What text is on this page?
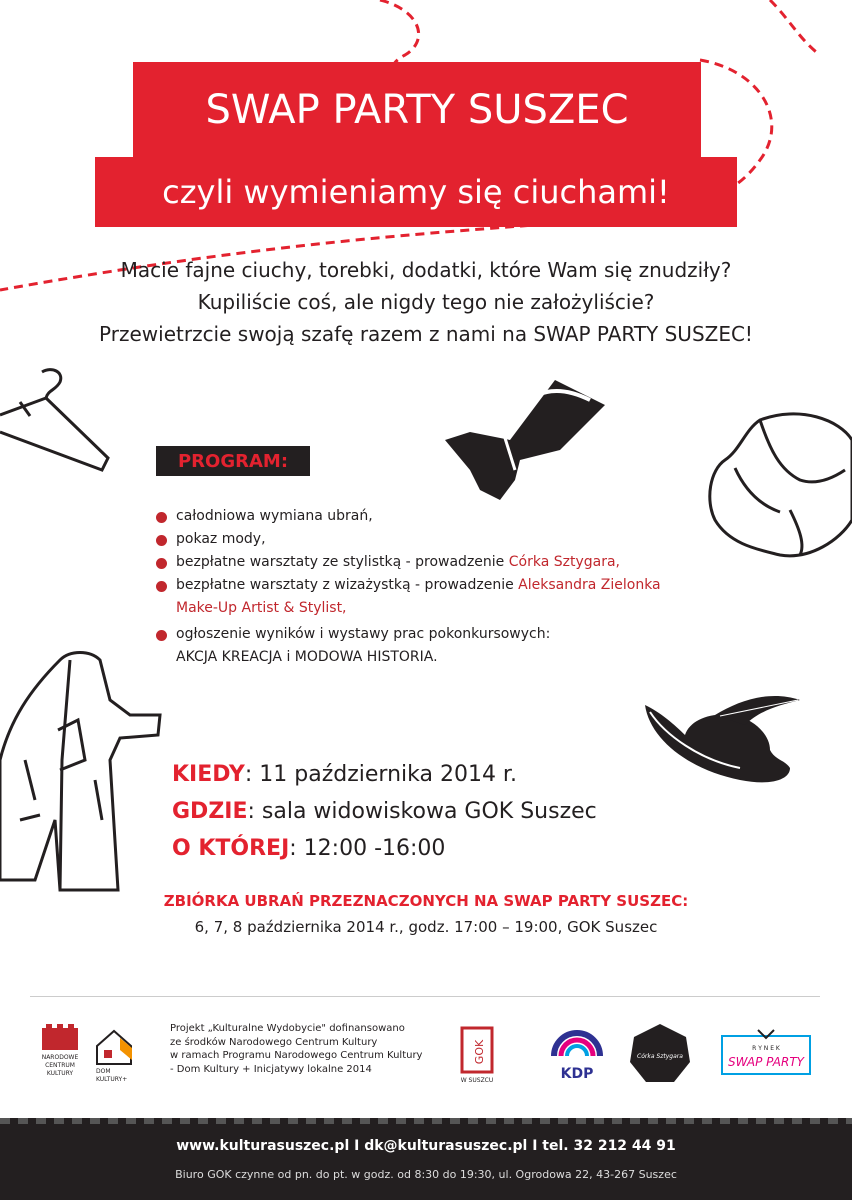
SWAP PARTY SUSZEC
czyli wymieniamy się ciuchami!
Macie fajne ciuchy, torebki, dodatki, które Wam się znudziły?
Kupiliście coś, ale nigdy tego nie założyliście?
Przewietrzcie swoją szafę razem z nami na SWAP PARTY SUSZEC!
PROGRAM:
całodniowa wymiana ubrań,
pokaz mody,
bezpłatne warsztaty ze stylistką - prowadzenie Córka Sztygara,
bezpłatne warsztaty z wizażystką - prowadzenie Aleksandra Zielonka
Make-Up Artist & Stylist,
ogłoszenie wyników i wystawy prac pokonkursowych:
AKCJA KREACJA i MODOWA HISTORIA.
KIEDY: 11 października 2014 r.
GDZIE: sala widowiskowa GOK Suszec
O KTÓREJ: 12:00 -16:00
ZBIÓRKA UBRAŃ PRZEZNACZONYCH NA SWAP PARTY SUSZEC:
6, 7, 8 października 2014 r., godz. 17:00 – 19:00, GOK Suszec
NARODOWE
CENTRUM
KULTURY	DOM
KULTURY+
Projekt „Kulturalne Wydobycie" dofinansowano
ze środków Narodowego Centrum Kultury
w ramach Programu Narodowego Centrum Kultury
- Dom Kultury + Inicjatywy lokalne 2014
GOK
W SUSZCU	KDP
Córka Sztygara
R Y N E K
SWAP PARTY
www.kulturasuszec.pl I dk@kulturasuszec.pl I tel. 32 212 44 91
Biuro GOK czynne od pn. do pt. w godz. od 8:30 do 19:30, ul. Ogrodowa 22, 43-267 Suszec
